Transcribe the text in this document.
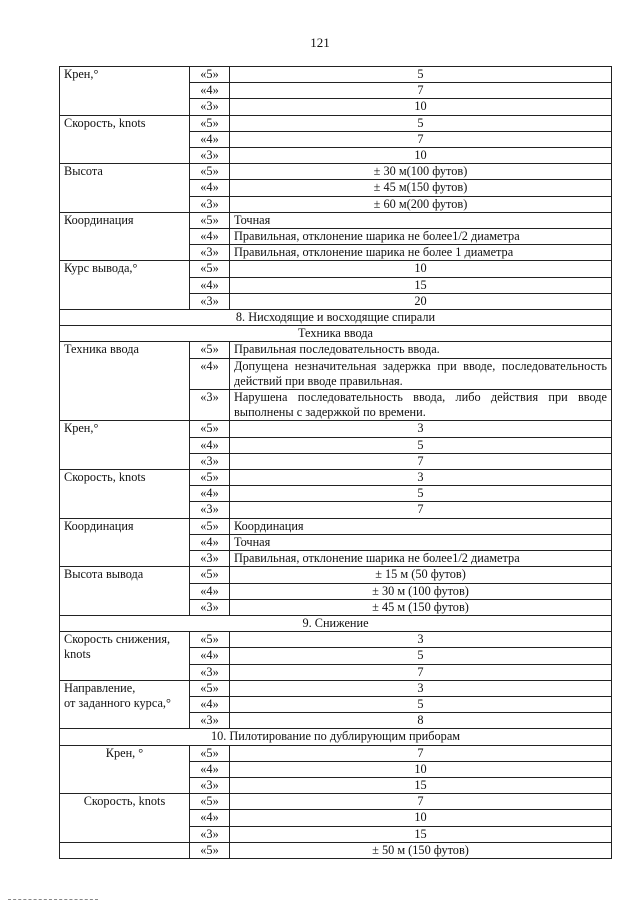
121
Крен,°	«5»	5
	«4»	7
	«3»	10
Скорость, knots	«5»	5
	«4»	7
	«3»	10
Высота	«5»	± 30 м(100 футов)
	«4»	± 45 м(150 футов)
	«3»	± 60 м(200 футов)
Координация	«5»	Точная
	«4»	Правильная, отклонение шарика не более1/2 диаметра
	«3»	Правильная, отклонение шарика не более 1 диаметра
Курс вывода,°	«5»	10
	«4»	15
	«3»	20
8. Нисходящие и восходящие спирали		
Техника ввода		
Техника ввода	«5»	Правильная последовательность ввода.
	«4»	Допущена незначительная задержка при вводе, последовательность действий при вводе правильная.
	«3»	Нарушена последовательность ввода, либо действия при вводе выполнены с задержкой по времени.
Крен,°	«5»	3
	«4»	5
	«3»	7
Скорость, knots	«5»	3
	«4»	5
	«3»	7
Координация	«5»	Координация
	«4»	Точная
	«3»	Правильная, отклонение шарика не более1/2 диаметра
Высота вывода	«5»	± 15 м (50 футов)
	«4»	± 30 м (100 футов)
	«3»	± 45 м (150 футов)
9. Снижение		
Скорость снижения, knots	«5»	3
	«4»	5
	«3»	7
Направление,
от заданного курса,°	«5»	3
	«4»	5
	«3»	8
10. Пилотирование по дублирующим приборам		
Крен, °	«5»	7
	«4»	10
	«3»	15
Скорость, knots	«5»	7
	«4»	10
	«3»	15
	«5»	± 50 м (150 футов)
